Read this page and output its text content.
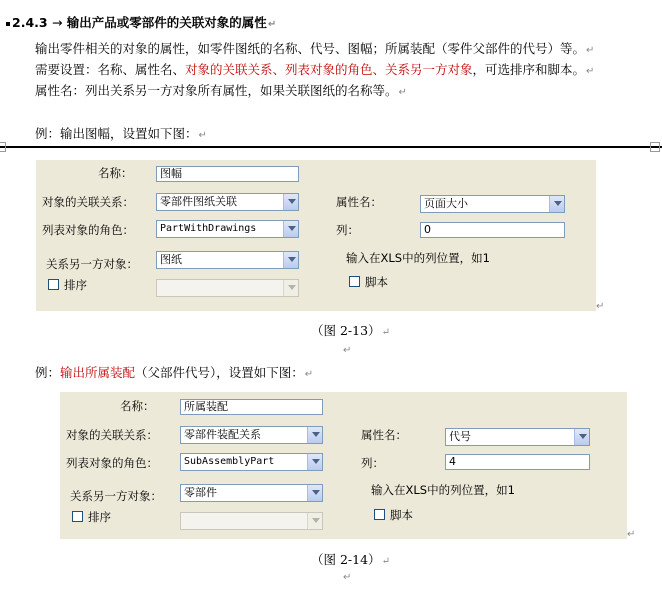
2.4.3 → 输出产品或零部件的关联对象的属性↵
输出零件相关的对象的属性，如零件图纸的名称、代号、图幅；所属装配（零件父部件的代号）等。↵
需要设置：名称、属性名、对象的关联关系、列表对象的角色、关系另一方对象，可选排序和脚本。↵
属性名：列出关系另一方对象所有属性，如果关联图纸的名称等。↵
例：输出图幅，设置如下图：↵
名称：	图幅
对象的关联关系：	零部件图纸关联
列表对象的角色：	PartWithDrawings
关系另一方对象：	图纸
排序
属性名：	页面大小
列：	0
输入在XLS中的列位置，如1
脚本
↵
（图 2-13）↵
↵
例：输出所属装配（父部件代号），设置如下图：↵
名称：	所属装配
对象的关联关系：	零部件装配关系
列表对象的角色：	SubAssemblyPart
关系另一方对象：	零部件
排序
属性名：	代号
列：	4
输入在XLS中的列位置，如1
脚本
↵
（图 2-14）↵
↵
